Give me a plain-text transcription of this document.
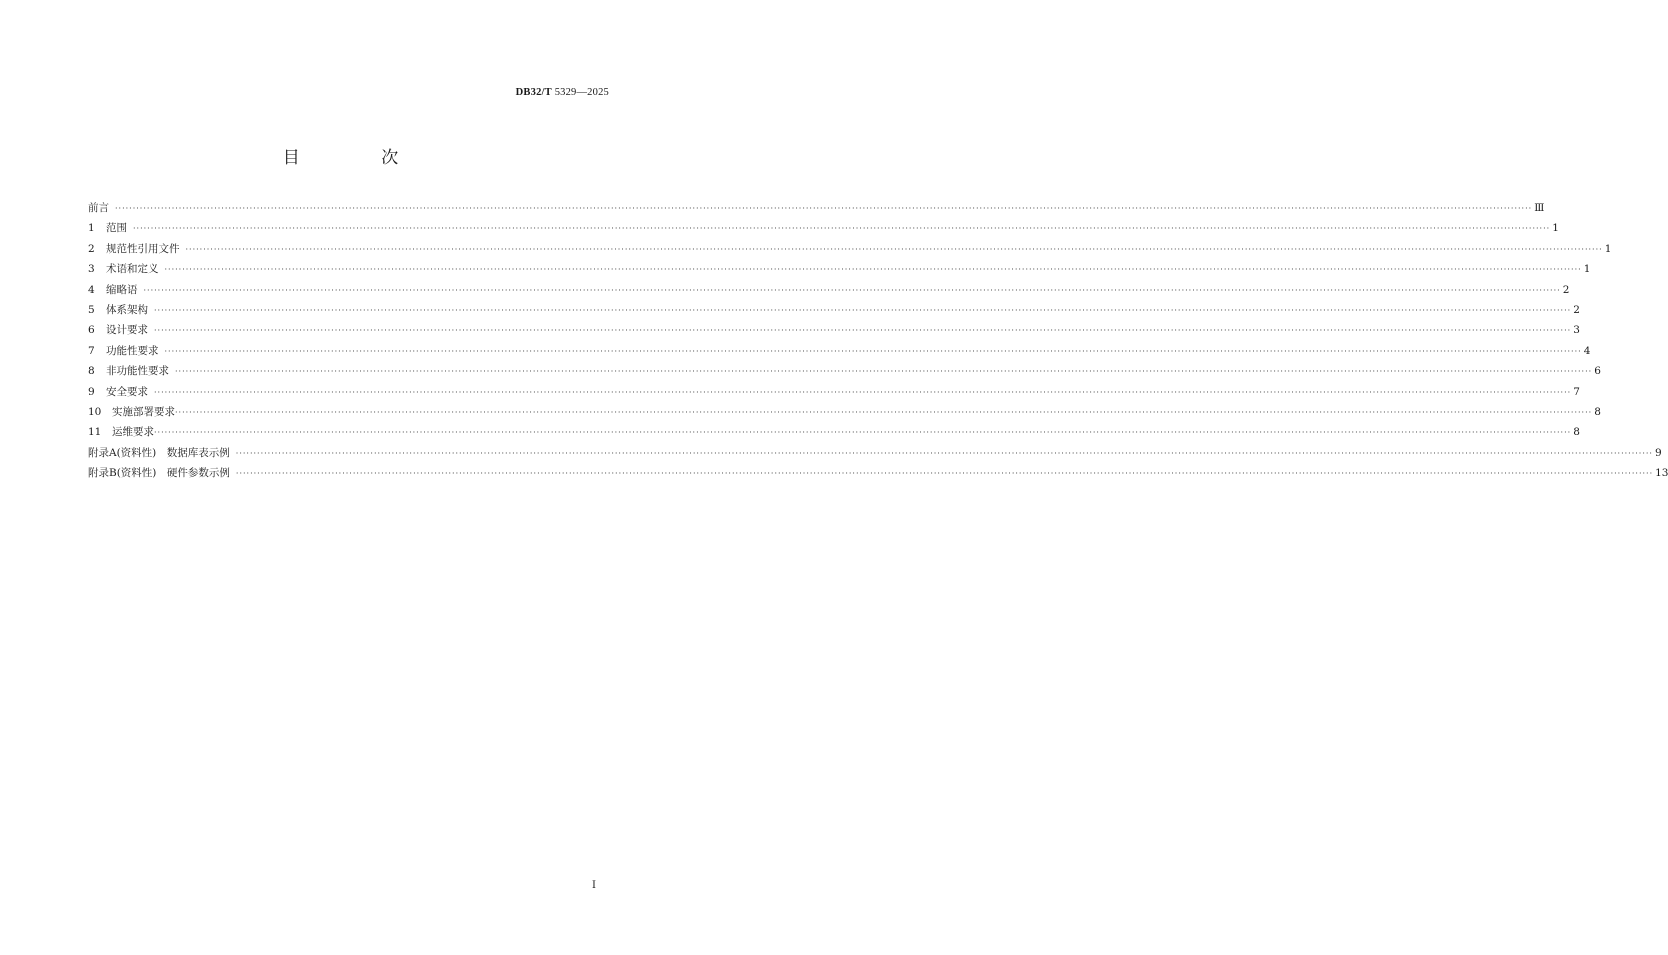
DB32/T 5329—2025
目 次
前言 ················································································································································································································································································································································································································ Ⅲ
1 范围 ················································································································································································································································································································································································································ 1
2 规范性引用文件 ················································································································································································································································································································································································································ 1
3 术语和定义 ················································································································································································································································································································································································································ 1
4 缩略语 ················································································································································································································································································································································································································ 2
5 体系架构 ················································································································································································································································································································································································································ 2
6 设计要求 ················································································································································································································································································································································································································ 3
7 功能性要求 ················································································································································································································································································································································································································ 4
8 非功能性要求 ················································································································································································································································································································································································································ 6
9 安全要求 ················································································································································································································································································································································································································ 7
10 实施部署要求 ················································································································································································································································································································································································································ 8
11 运维要求 ················································································································································································································································································································································································································ 8
附录A(资料性)　数据库表示例 ················································································································································································································································································································································································································ 9
附录B(资料性)　硬件参数示例 ················································································································································································································································································································································································································ 13
Ⅰ
